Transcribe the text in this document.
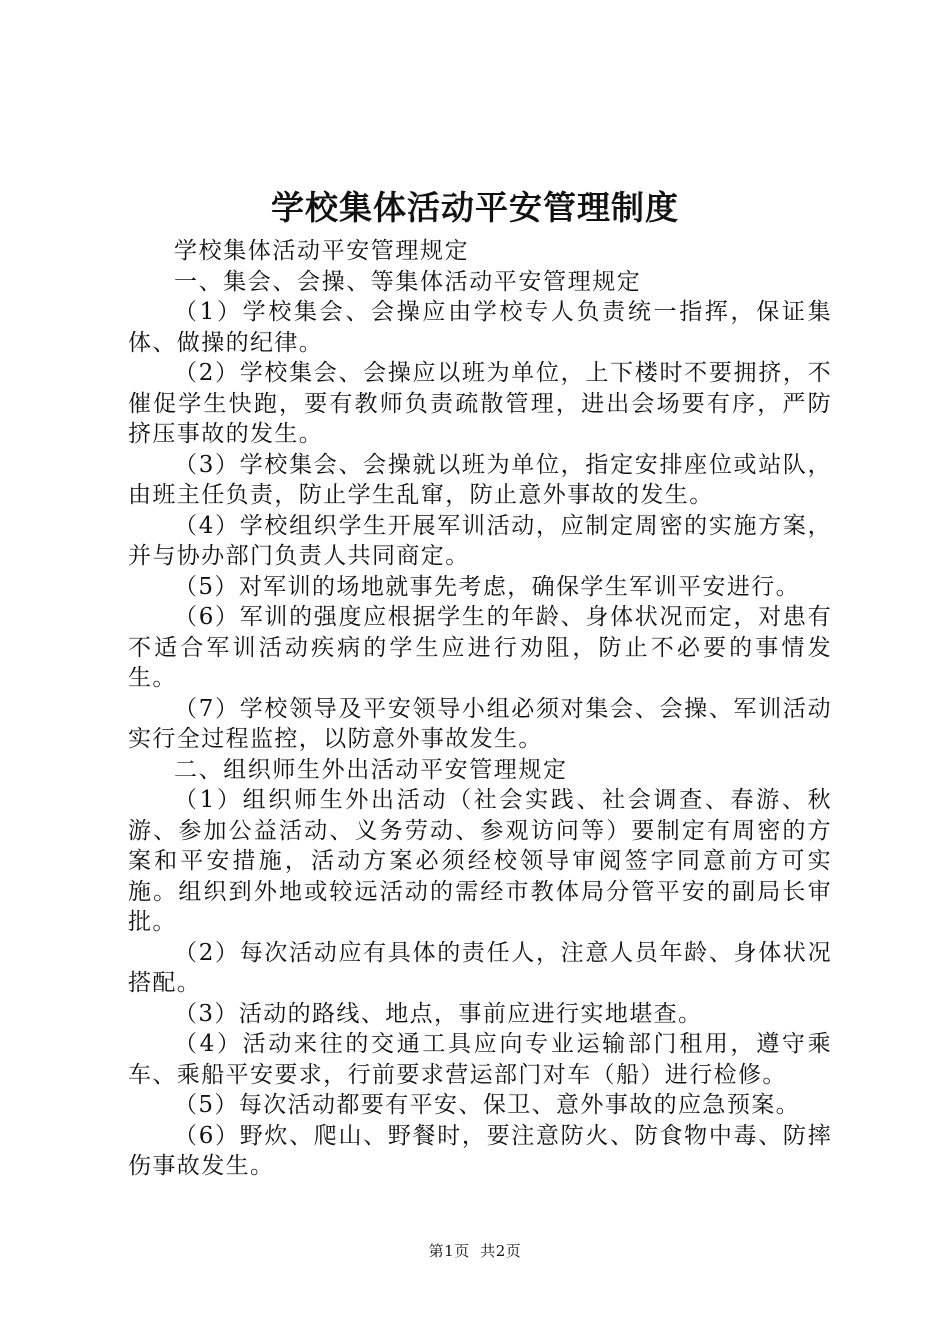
学校集体活动平安管理制度

学校集体活动平安管理规定

一、集会、会操、等集体活动平安管理规定

（1）学校集会、会操应由学校专人负责统一指挥，保证集体、做操的纪律。

（2）学校集会、会操应以班为单位，上下楼时不要拥挤，不催促学生快跑，要有教师负责疏散管理，进出会场要有序，严防挤压事故的发生。

（3）学校集会、会操就以班为单位，指定安排座位或站队，由班主任负责，防止学生乱窜，防止意外事故的发生。

（4）学校组织学生开展军训活动，应制定周密的实施方案，并与协办部门负责人共同商定。

（5）对军训的场地就事先考虑，确保学生军训平安进行。

（6）军训的强度应根据学生的年龄、身体状况而定，对患有不适合军训活动疾病的学生应进行劝阻，防止不必要的事情发生。

（7）学校领导及平安领导小组必须对集会、会操、军训活动实行全过程监控，以防意外事故发生。

二、组织师生外出活动平安管理规定

（1）组织师生外出活动（社会实践、社会调查、春游、秋游、参加公益活动、义务劳动、参观访问等）要制定有周密的方案和平安措施，活动方案必须经校领导审阅签字同意前方可实施。组织到外地或较远活动的需经市教体局分管平安的副局长审批。

（2）每次活动应有具体的责任人，注意人员年龄、身体状况搭配。

（3）活动的路线、地点，事前应进行实地堪查。

（4）活动来往的交通工具应向专业运输部门租用，遵守乘车、乘船平安要求，行前要求营运部门对车（船）进行检修。

（5）每次活动都要有平安、保卫、意外事故的应急预案。

（6）野炊、爬山、野餐时，要注意防火、防食物中毒、防摔伤事故发生。

第1页 共2页
